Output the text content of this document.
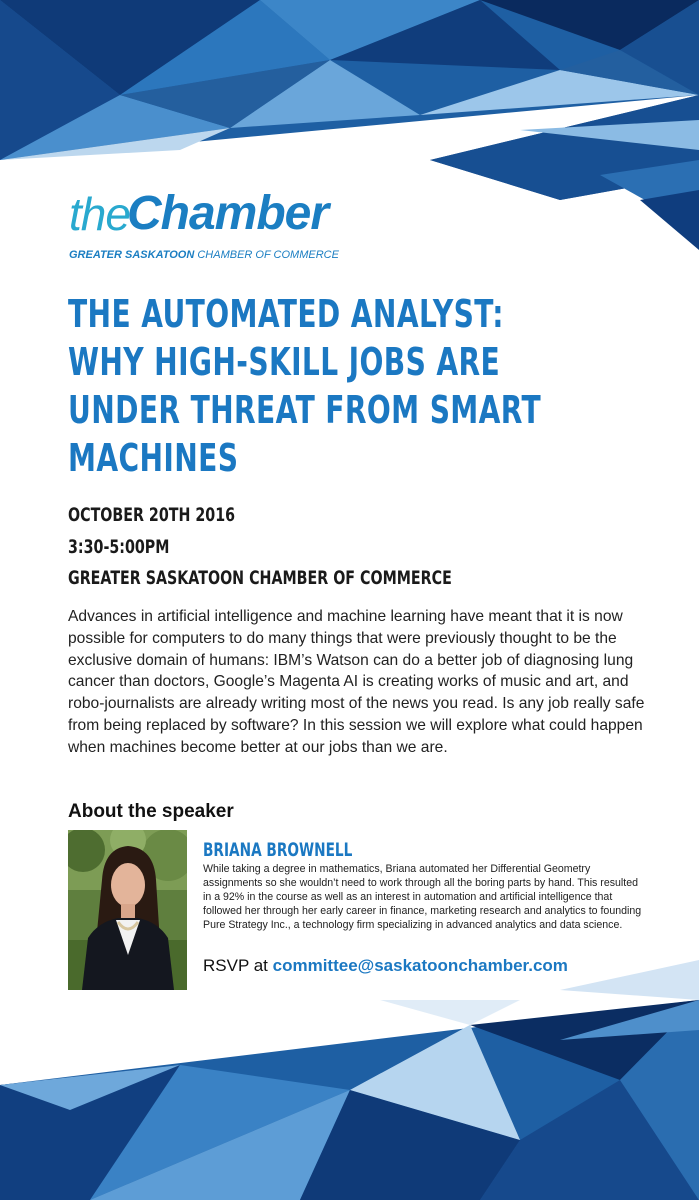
the
Chamber
GREATER SASKATOON CHAMBER OF COMMERCE
THE AUTOMATED ANALYST:
WHY HIGH-SKILL JOBS ARE
UNDER THREAT FROM SMART
MACHINES

OCTOBER 20TH 2016

3:30-5:00PM

GREATER SASKATOON CHAMBER OF COMMERCE

Advances in artificial intelligence and machine learning have meant that it is now possible for computers to do many things that were previously thought to be the exclusive domain of humans: IBM’s Watson can do a better job of diagnosing lung cancer than doctors, Google’s Magenta AI is creating works of music and art, and robo-journalists are already writing most of the news you read. Is any job really safe from being replaced by software? In this session we will explore what could happen when machines become better at our jobs than we are.

About the speaker

BRIANA BROWNELL

While taking a degree in mathematics, Briana automated her Differential Geometry assignments so she wouldn’t need to work through all the boring parts by hand. This resulted in a 92% in the course as well as an interest in automation and artificial intelligence that followed her through her early career in finance, marketing research and analytics to founding Pure Strategy Inc., a technology firm specializing in advanced analytics and data science.

RSVP at committee@saskatoonchamber.com
